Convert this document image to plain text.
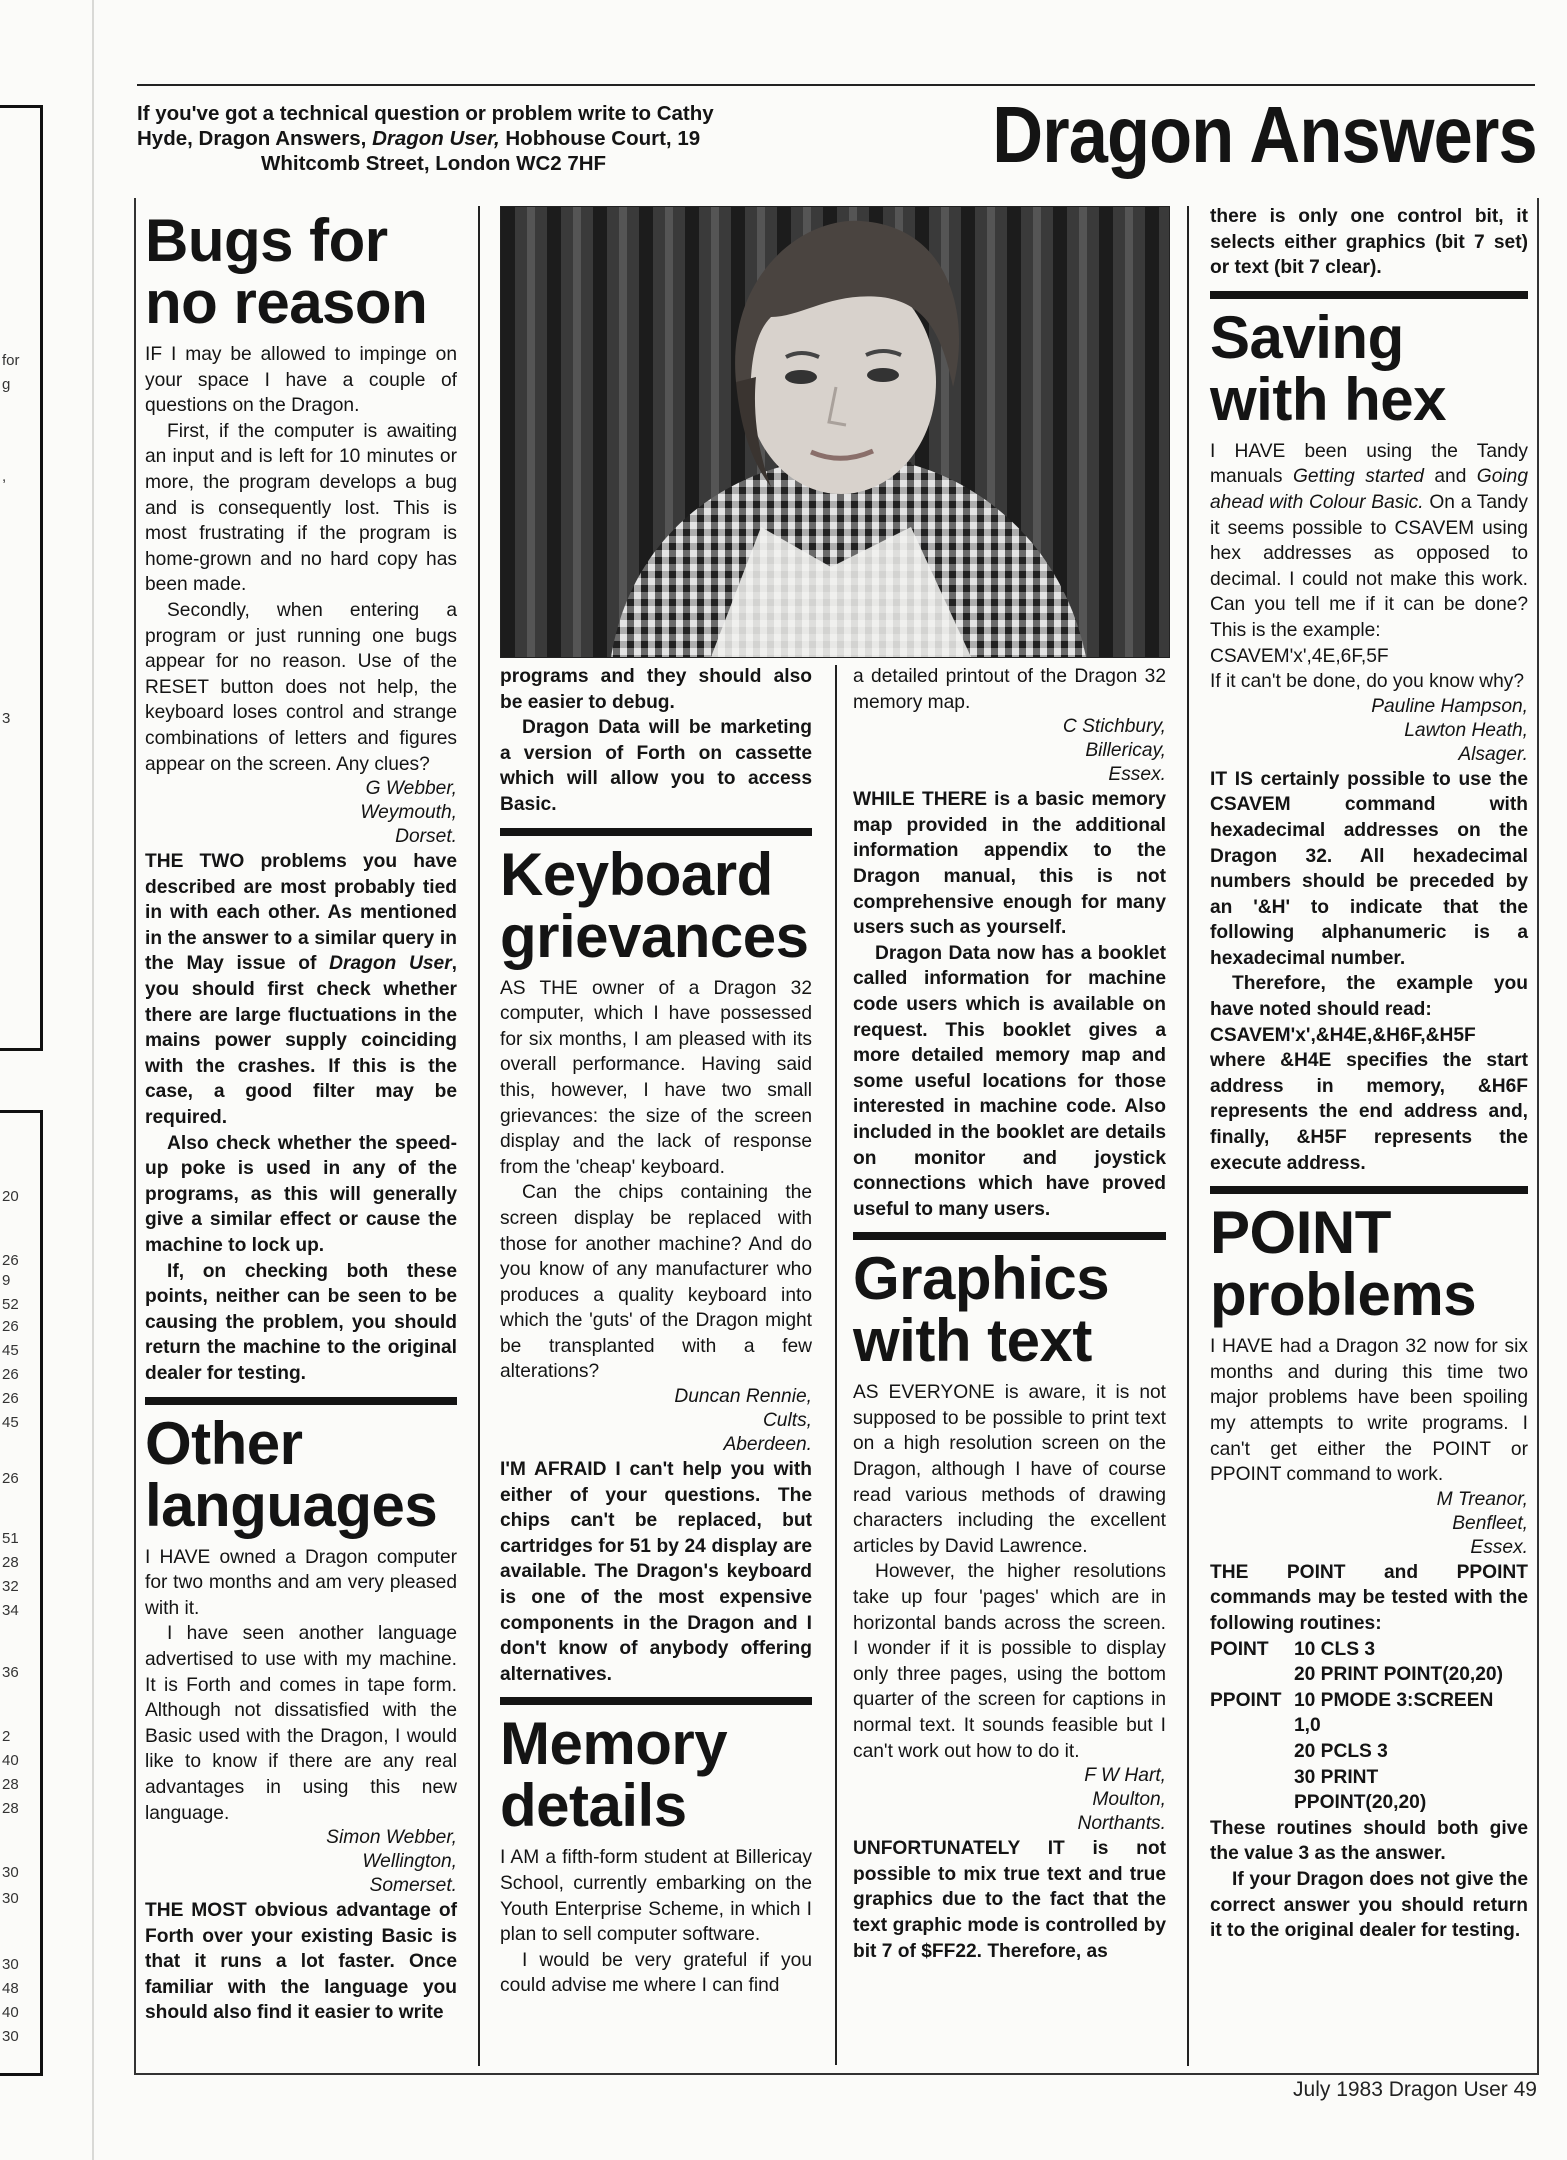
for
g
,
3
20
26
9
52
26
45
26
26
45
26
51
28
32
34
36
2
40
28
28
30
30
30
48
40
30
If you've got a technical question or problem write to Cathy
Hyde, Dragon Answers, Dragon User, Hobhouse Court, 19
Whitcomb Street, London WC2 7HF	Dragon Answers
Bugs for
no reason

IF I may be allowed to impinge on your space I have a couple of questions on the Dragon.

First, if the computer is awaiting an input and is left for 10 minutes or more, the program develops a bug and is consequently lost. This is most frustrating if the program is home-grown and no hard copy has been made.

Secondly, when entering a program or just running one bugs appear for no reason. Use of the RESET button does not help, the keyboard loses control and strange combinations of letters and figures appear on the screen. Any clues?

G Webber,
Weymouth,
Dorset.

THE TWO problems you have described are most probably tied in with each other. As mentioned in the answer to a similar query in the May issue of Dragon User, you should first check whether there are large fluctuations in the mains power supply coinciding with the crashes. If this is the case, a good filter may be required.

Also check whether the speed-up poke is used in any of the programs, as this will generally give a similar effect or cause the machine to lock up.

If, on checking both these points, neither can be seen to be causing the problem, you should return the machine to the original dealer for testing.

Other
languages

I HAVE owned a Dragon computer for two months and am very pleased with it.

I have seen another language advertised to use with my machine. It is Forth and comes in tape form. Although not dissatisfied with the Basic used with the Dragon, I would like to know if there are any real advantages in using this new language.

Simon Webber,
Wellington,
Somerset.

THE MOST obvious advantage of Forth over your existing Basic is that it runs a lot faster. Once familiar with the language you should also find it easier to write

programs and they should also be easier to debug.

Dragon Data will be marketing a version of Forth on cassette which will allow you to access Basic.

Keyboard
grievances

AS THE owner of a Dragon 32 computer, which I have possessed for six months, I am pleased with its overall performance. Having said this, however, I have two small grievances: the size of the screen display and the lack of response from the 'cheap' keyboard.

Can the chips containing the screen display be replaced with those for another machine? And do you know of any manufacturer who produces a quality keyboard into which the 'guts' of the Dragon might be transplanted with a few alterations?

Duncan Rennie,
Cults,
Aberdeen.

I'M AFRAID I can't help you with either of your questions. The chips can't be replaced, but cartridges for 51 by 24 display are available. The Dragon's keyboard is one of the most expensive components in the Dragon and I don't know of anybody offering alternatives.

Memory
details

I AM a fifth-form student at Billericay School, currently embarking on the Youth Enterprise Scheme, in which I plan to sell computer software.

I would be very grateful if you could advise me where I can find

a detailed printout of the Dragon 32 memory map.

C Stichbury,
Billericay,
Essex.

WHILE THERE is a basic memory map provided in the additional information appendix to the Dragon manual, this is not comprehensive enough for many users such as yourself.

Dragon Data now has a booklet called information for machine code users which is available on request. This booklet gives a more detailed memory map and some useful locations for those interested in machine code. Also included in the booklet are details on monitor and joystick connections which have proved useful to many users.

Graphics
with text

AS EVERYONE is aware, it is not supposed to be possible to print text on a high resolution screen on the Dragon, although I have of course read various methods of drawing characters including the excellent articles by David Lawrence.

However, the higher resolutions take up four 'pages' which are in horizontal bands across the screen. I wonder if it is possible to display only three pages, using the bottom quarter of the screen for captions in normal text. It sounds feasible but I can't work out how to do it.

F W Hart,
Moulton,
Northants.

UNFORTUNATELY IT is not possible to mix true text and true graphics due to the fact that the text graphic mode is controlled by bit 7 of $FF22. Therefore, as

there is only one control bit, it selects either graphics (bit 7 set) or text (bit 7 clear).

Saving
with hex

I HAVE been using the Tandy manuals Getting started and Going ahead with Colour Basic. On a Tandy it seems possible to CSAVEM using hex addresses as opposed to decimal. I could not make this work. Can you tell me if it can be done? This is the example:

CSAVEM'x',4E,6F,5F

If it can't be done, do you know why?

Pauline Hampson,
Lawton Heath,
Alsager.

IT IS certainly possible to use the CSAVEM command with hexadecimal addresses on the Dragon 32. All hexadecimal numbers should be preceded by an '&H' to indicate that the following alphanumeric is a hexadecimal number.

Therefore, the example you have noted should read:

CSAVEM'x',&H4E,&H6F,&H5F

where &H4E specifies the start address in memory, &H6F represents the end address and, finally, &H5F represents the execute address.

POINT
problems

I HAVE had a Dragon 32 now for six months and during this time two major problems have been spoiling my attempts to write programs. I can't get either the POINT or PPOINT command to work.

M Treanor,
Benfleet,
Essex.

THE POINT and PPOINT commands may be tested with the following routines:

POINT	10 CLS 3
20 PRINT POINT(20,20)
PPOINT 10 PMODE 3:SCREEN
1,0
20 PCLS 3
30 PRINT
PPOINT(20,20)

These routines should both give the value 3 as the answer.

If your Dragon does not give the correct answer you should return it to the original dealer for testing.

July 1983 Dragon User 49
